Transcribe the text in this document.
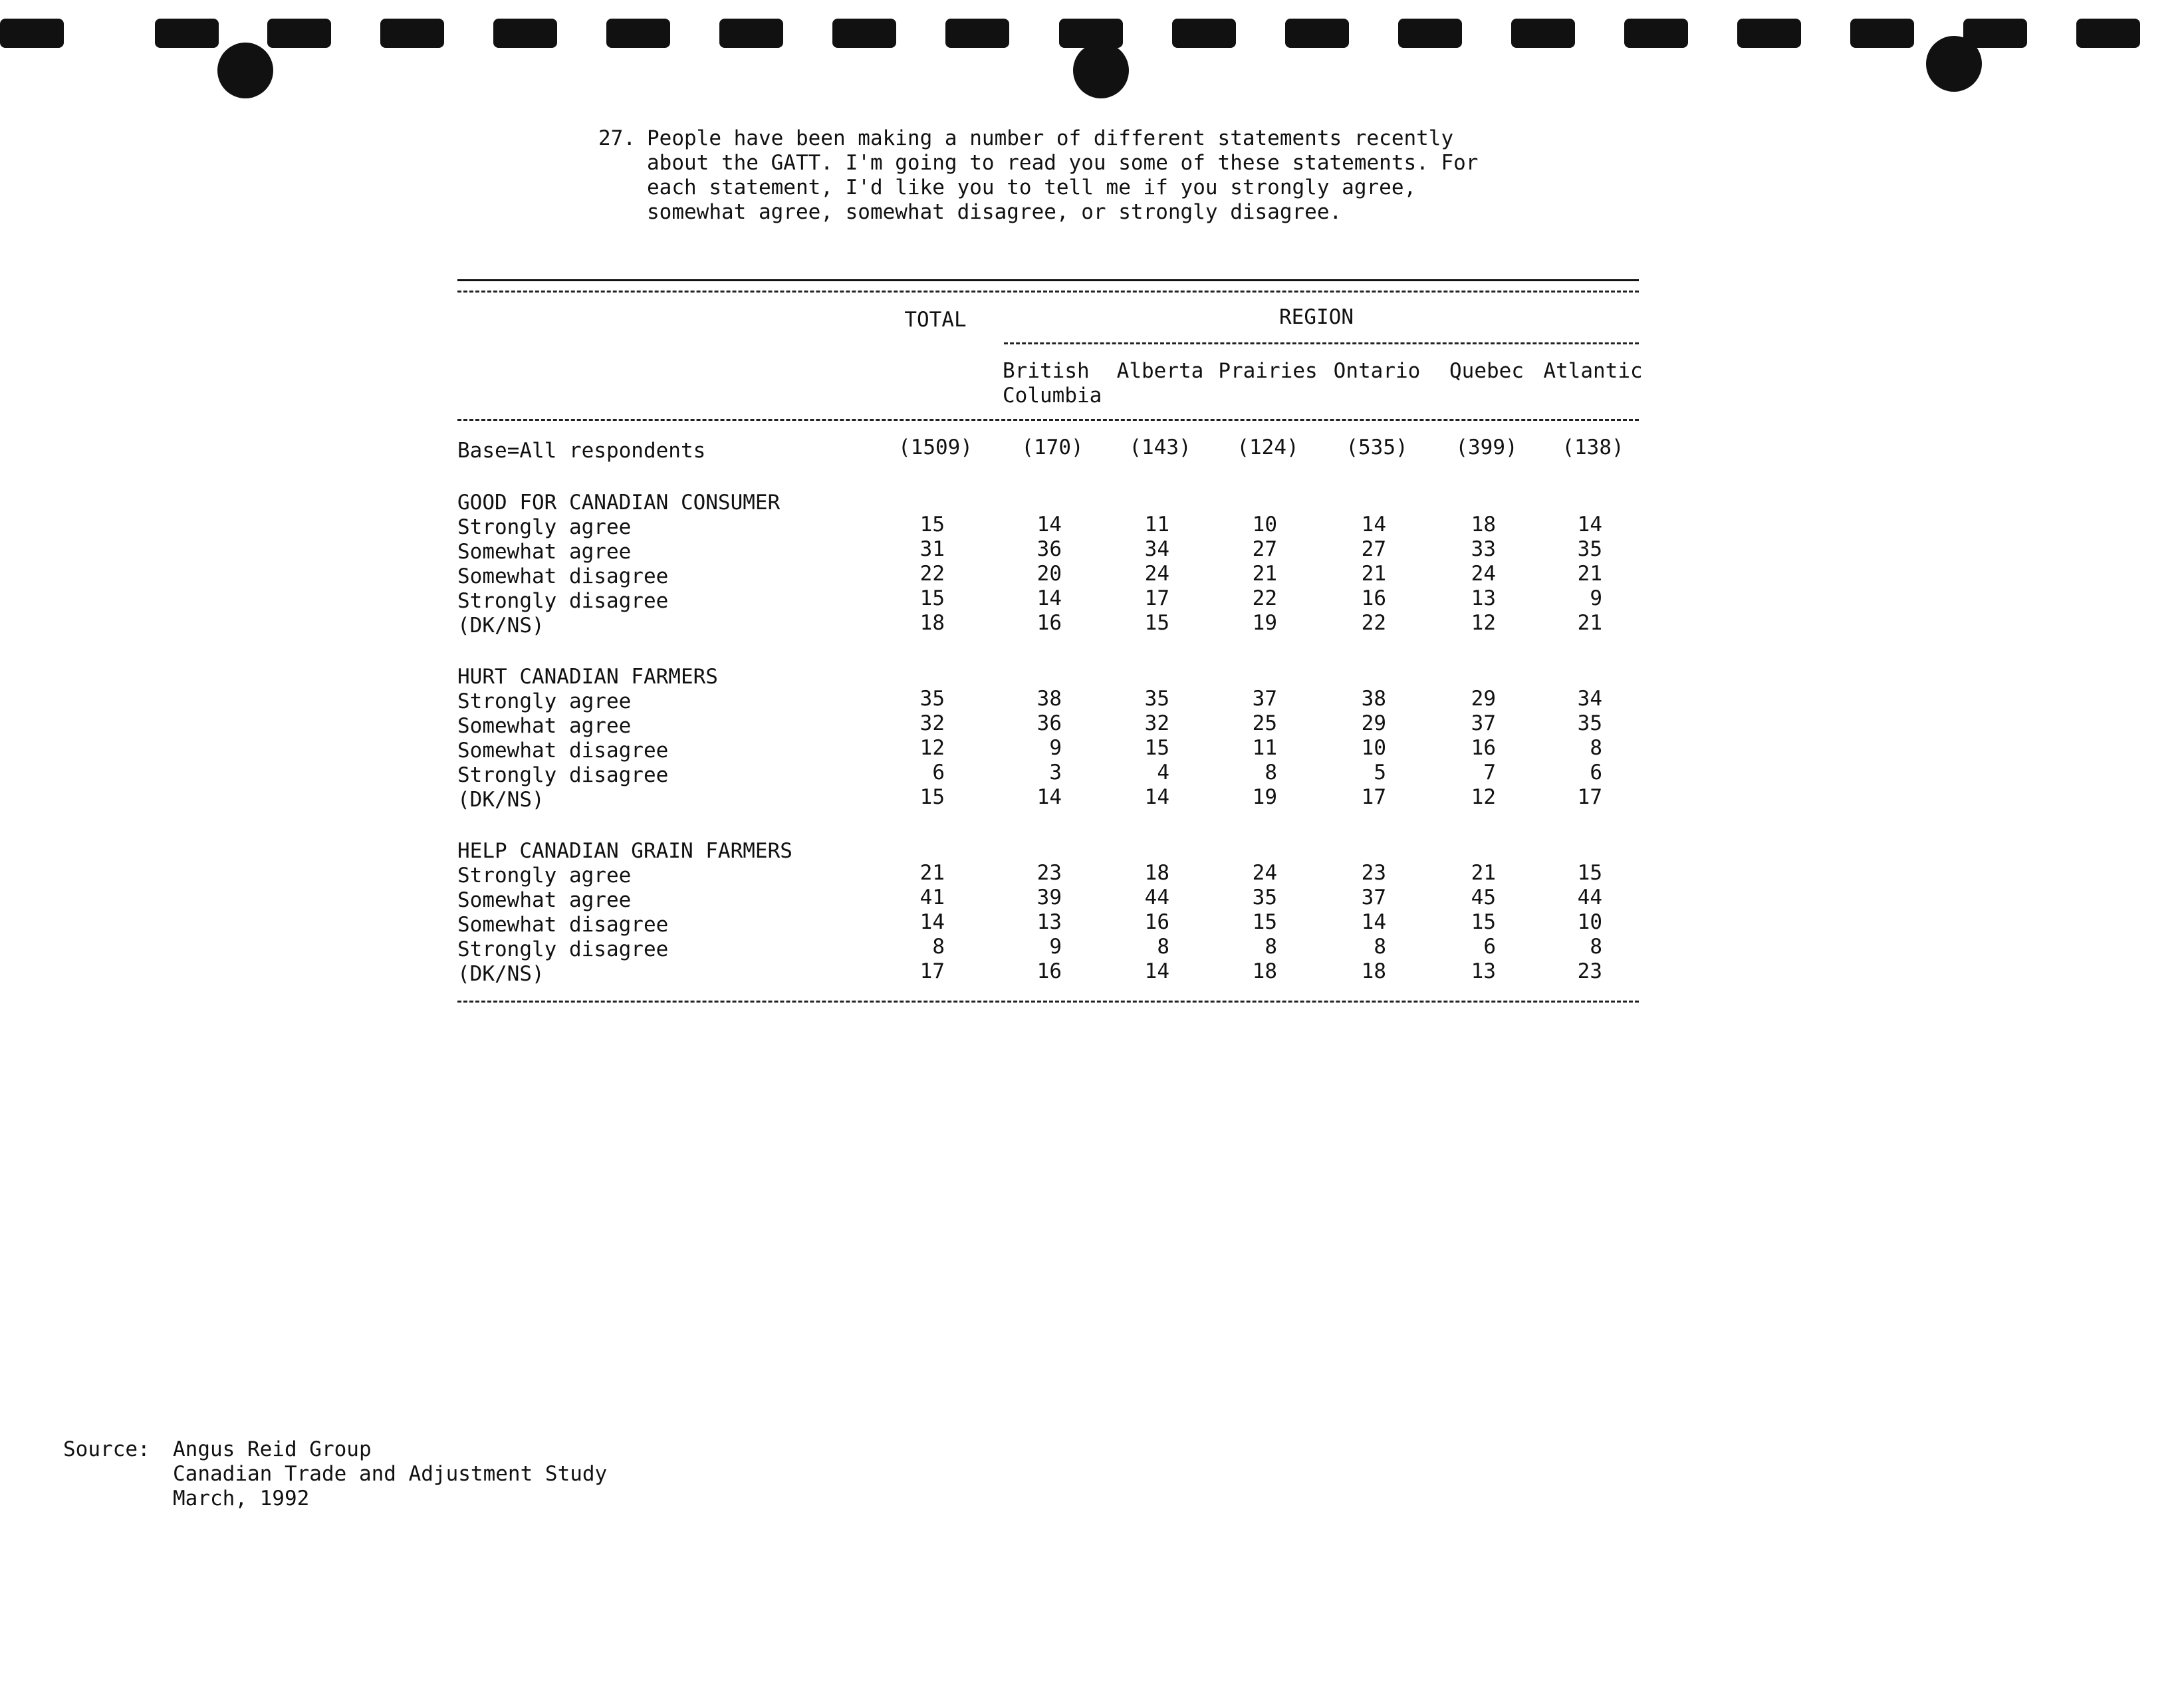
27. People have been making a number of different statements recently
about the GATT. I'm going to read you some of these statements. For
each statement, I'd like you to tell me if you strongly agree,
somewhat agree, somewhat disagree, or strongly disagree.
TOTAL	REGION
British
Columbia
Alberta Prairies Ontario Quebec Atlantic
Base=All respondents	(1509) (170) (143) (124) (535) (399) (138)
GOOD FOR CANADIAN CONSUMER
Strongly agree	15	14	11	10	14	18	14
Somewhat agree	31	36	34	27	27	33	35
Somewhat disagree	22	20	24	21	21	24	21
Strongly disagree	15	14	17	22	16	13	9
(DK/NS)	18	16	15	19	22	12	21
HURT CANADIAN FARMERS
Strongly agree	35	38	35	37	38	29	34
Somewhat agree	32	36	32	25	29	37	35
Somewhat disagree	12	9	15	11	10	16	8
Strongly disagree	6	3	4	8	5	7	6
(DK/NS)	15	14	14	19	17	12	17
HELP CANADIAN GRAIN FARMERS
Strongly agree	21	23	18	24	23	21	15
Somewhat agree	41	39	44	35	37	45	44
Somewhat disagree	14	13	16	15	14	15	10
Strongly disagree	8	9	8	8	8	6	8
(DK/NS)	17	16	14	18	18	13	23
Source: Angus Reid Group
Canadian Trade and Adjustment Study
March, 1992
